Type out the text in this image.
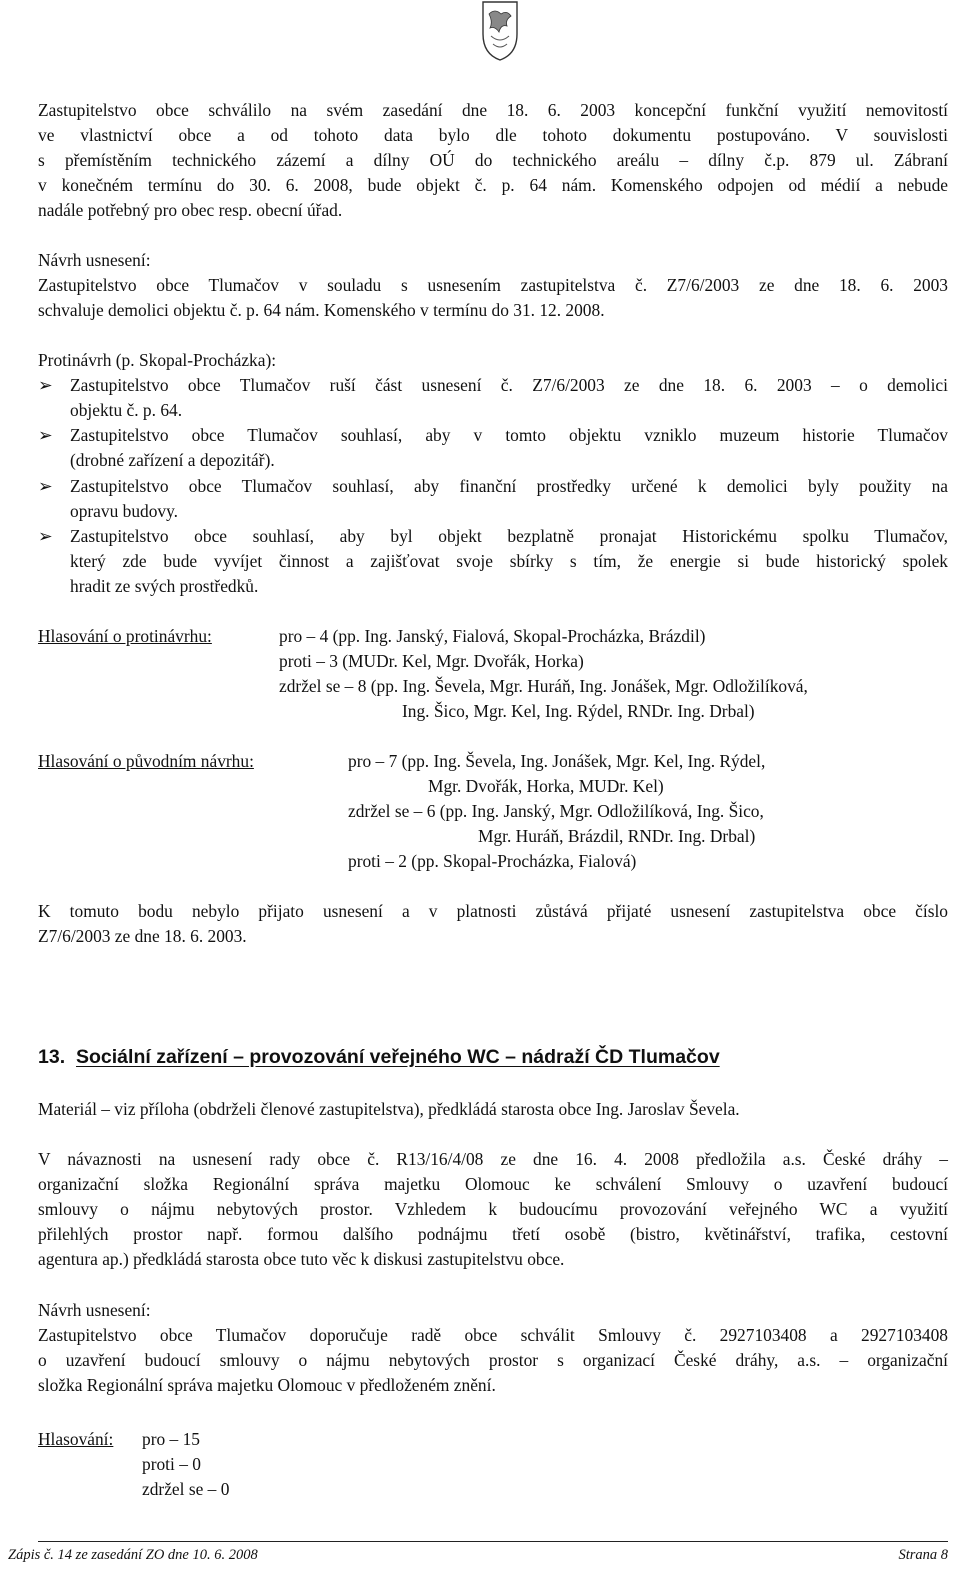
Zastupitelstvo obce schválilo na svém zasedání dne 18. 6. 2003 koncepční funkční využití nemovitostí
ve vlastnictví obce a od tohoto data bylo dle tohoto dokumentu postupováno. V souvislosti
s přemístěním technického zázemí a dílny OÚ do technického areálu – dílny č.p. 879 ul. Zábraní
v konečném termínu do 30. 6. 2008, bude objekt č. p. 64 nám. Komenského odpojen od médií a nebude
nadále potřebný pro obec resp. obecní úřad.
Návrh usnesení:
Zastupitelstvo obce Tlumačov v souladu s usnesením zastupitelstva č. Z7/6/2003 ze dne 18. 6. 2003
schvaluje demolici objektu č. p. 64 nám. Komenského v termínu do 31. 12. 2008.
Protinávrh (p. Skopal-Procházka):
➢ Zastupitelstvo obce Tlumačov ruší část usnesení č. Z7/6/2003 ze dne 18. 6. 2003 – o demolici
objektu č. p. 64.
➢ Zastupitelstvo obce Tlumačov souhlasí, aby v tomto objektu vzniklo muzeum historie Tlumačov
(drobné zařízení a depozitář).
➢ Zastupitelstvo obce Tlumačov souhlasí, aby finanční prostředky určené k demolici byly použity na
opravu budovy.
➢ Zastupitelstvo obce souhlasí, aby byl objekt bezplatně pronajat Historickému spolku Tlumačov,
který zde bude vyvíjet činnost a zajišťovat svoje sbírky s tím, že energie si bude historický spolek
hradit ze svých prostředků.
Hlasování o protinávrhu:	pro – 4 (pp. Ing. Janský, Fialová, Skopal-Procházka, Brázdil)
proti – 3 (MUDr. Kel, Mgr. Dvořák, Horka)
zdržel se – 8 (pp. Ing. Ševela, Mgr. Huráň, Ing. Jonášek, Mgr. Odložilíková,
Ing. Šico, Mgr. Kel, Ing. Rýdel, RNDr. Ing. Drbal)
Hlasování o původním návrhu:	pro – 7 (pp. Ing. Ševela, Ing. Jonášek, Mgr. Kel, Ing. Rýdel,
Mgr. Dvořák, Horka, MUDr. Kel)
zdržel se – 6 (pp. Ing. Janský, Mgr. Odložilíková, Ing. Šico,
Mgr. Huráň, Brázdil, RNDr. Ing. Drbal)
proti – 2 (pp. Skopal-Procházka, Fialová)
K tomuto bodu nebylo přijato usnesení a v platnosti zůstává přijaté usnesení zastupitelstva obce číslo
Z7/6/2003 ze dne 18. 6. 2003.
13. Sociální zařízení – provozování veřejného WC – nádraží ČD Tlumačov
Materiál – viz příloha (obdrželi členové zastupitelstva), předkládá starosta obce Ing. Jaroslav Ševela.
V návaznosti na usnesení rady obce č. R13/16/4/08 ze dne 16. 4. 2008 předložila a.s. České dráhy –
organizační složka Regionální správa majetku Olomouc ke schválení Smlouvy o uzavření budoucí
smlouvy o nájmu nebytových prostor. Vzhledem k budoucímu provozování veřejného WC a využití
přilehlých prostor např. formou dalšího podnájmu třetí osobě (bistro, květinářství, trafika, cestovní
agentura ap.) předkládá starosta obce tuto věc k diskusi zastupitelstvu obce.
Návrh usnesení:
Zastupitelstvo obce Tlumačov doporučuje radě obce schválit Smlouvy č. 2927103408 a 2927103408
o uzavření budoucí smlouvy o nájmu nebytových prostor s organizací České dráhy, a.s. – organizační
složka Regionální správa majetku Olomouc v předloženém znění.
Hlasování: pro – 15
proti – 0
zdržel se – 0
Zápis č. 14 ze zasedání ZO dne 10. 6. 2008	Strana 8
